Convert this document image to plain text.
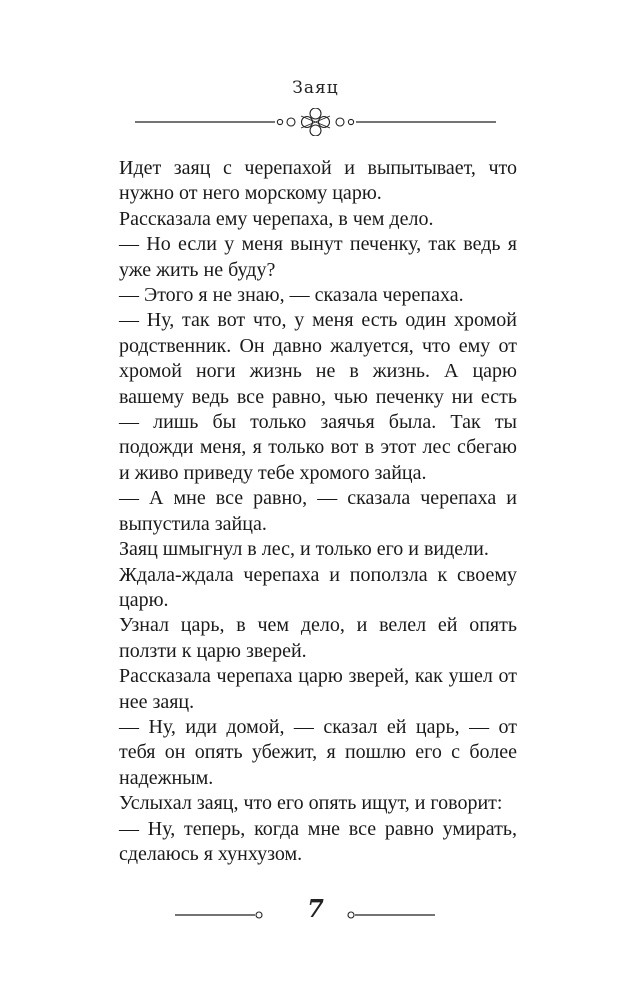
Заяц

Идет заяц с черепахой и выпытывает, что нужно от него морскому царю.

Рассказала ему черепаха, в чем дело.

— Но если у меня вынут печенку, так ведь я уже жить не буду?

— Этого я не знаю, — сказала черепаха.

— Ну, так вот что, у меня есть один хромой родственник. Он давно жалуется, что ему от хромой ноги жизнь не в жизнь. А царю вашему ведь все равно, чью печенку ни есть — лишь бы только заячья была. Так ты подожди меня, я только вот в этот лес сбегаю и живо приведу тебе хромого зайца.

— А мне все равно, — сказала черепаха и выпустила зайца.

Заяц шмыгнул в лес, и только его и видели.

Ждала-ждала черепаха и поползла к своему царю.

Узнал царь, в чем дело, и велел ей опять ползти к царю зверей.

Рассказала черепаха царю зверей, как ушел от нее заяц.

— Ну, иди домой, — сказал ей царь, — от тебя он опять убежит, я пошлю его с более надежным.

Услыхал заяц, что его опять ищут, и говорит:

— Ну, теперь, когда мне все равно умирать, сделаюсь я хунхузом.

7
